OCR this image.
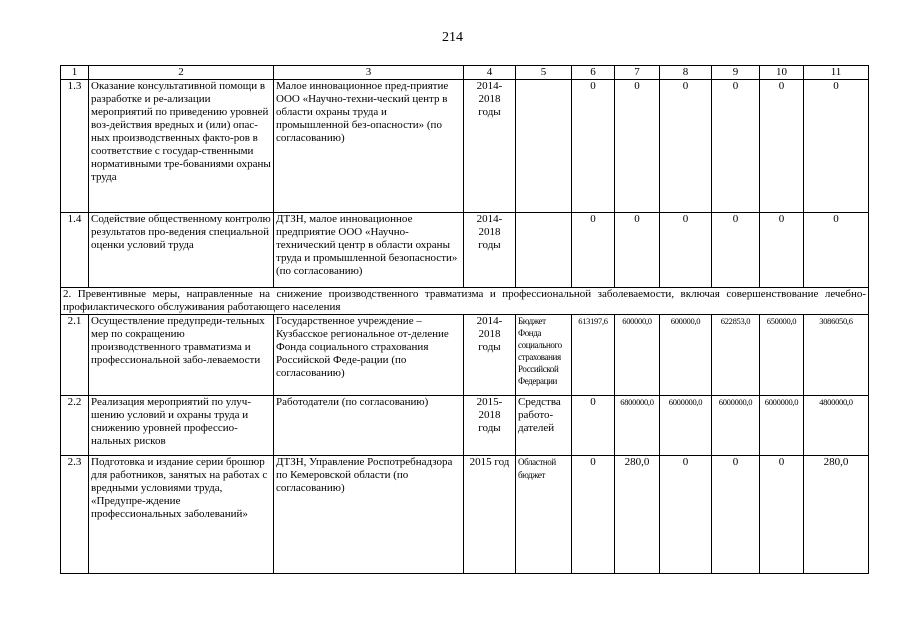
214
1	2	3	4	5	6	7	8	9	10	11
1.3	Оказание консультативной помощи в разработке и ре-ализации мероприятий по приведению уровней воз-действия вредных и (или) опас-ных производственных факто-ров в соответствие с государ-ственными нормативными тре-бованиями охраны труда	Малое инновационное пред-приятие ООО «Научно-техни-ческий центр в области охраны труда и промышленной без-опасности» (по согласованию)	2014-2018 годы		0	0	0	0	0	0
1.4	Содействие общественному контролю результатов про-ведения специальной оценки условий труда	ДТЗН, малое инновационное предприятие ООО «Научно-технический центр в области охраны труда и промышленной безопасности» (по согласованию)	2014-2018 годы		0	0	0	0	0	0
2. Превентивные меры, направленные на снижение производственного травматизма и профессиональной заболеваемости, включая совершенствование лечебно-профилактического обслуживания работающего населения										
2.1	Осуществление предупреди-тельных мер по сокращению производственного травматизма и профессиональной забо-леваемости	Государственное учреждение – Кузбасское региональное от-деление Фонда социального страхования Российской Феде-рации (по согласованию)	2014-2018 годы	Бюджет Фонда социального страхования Российской Федерации	613197,6	600000,0	600000,0	622853,0	650000,0	3086050,6
2.2	Реализация мероприятий по улуч-шению условий и охраны труда и снижению уровней профессио-нальных рисков	Работодатели (по согласованию)	2015-2018 годы	Средства работо-дателей	0	6800000,0	6000000,0	6000000,0	6000000,0	4800000,0
2.3	Подготовка и издание серии брошюр для работников, занятых на работах с вредными условиями труда, «Предупре-ждение профессиональных заболеваний»	ДТЗН, Управление Роспотребнадзора по Кемеровской области (по согласованию)	2015 год	Областной бюджет	0	280,0	0	0	0	280,0
